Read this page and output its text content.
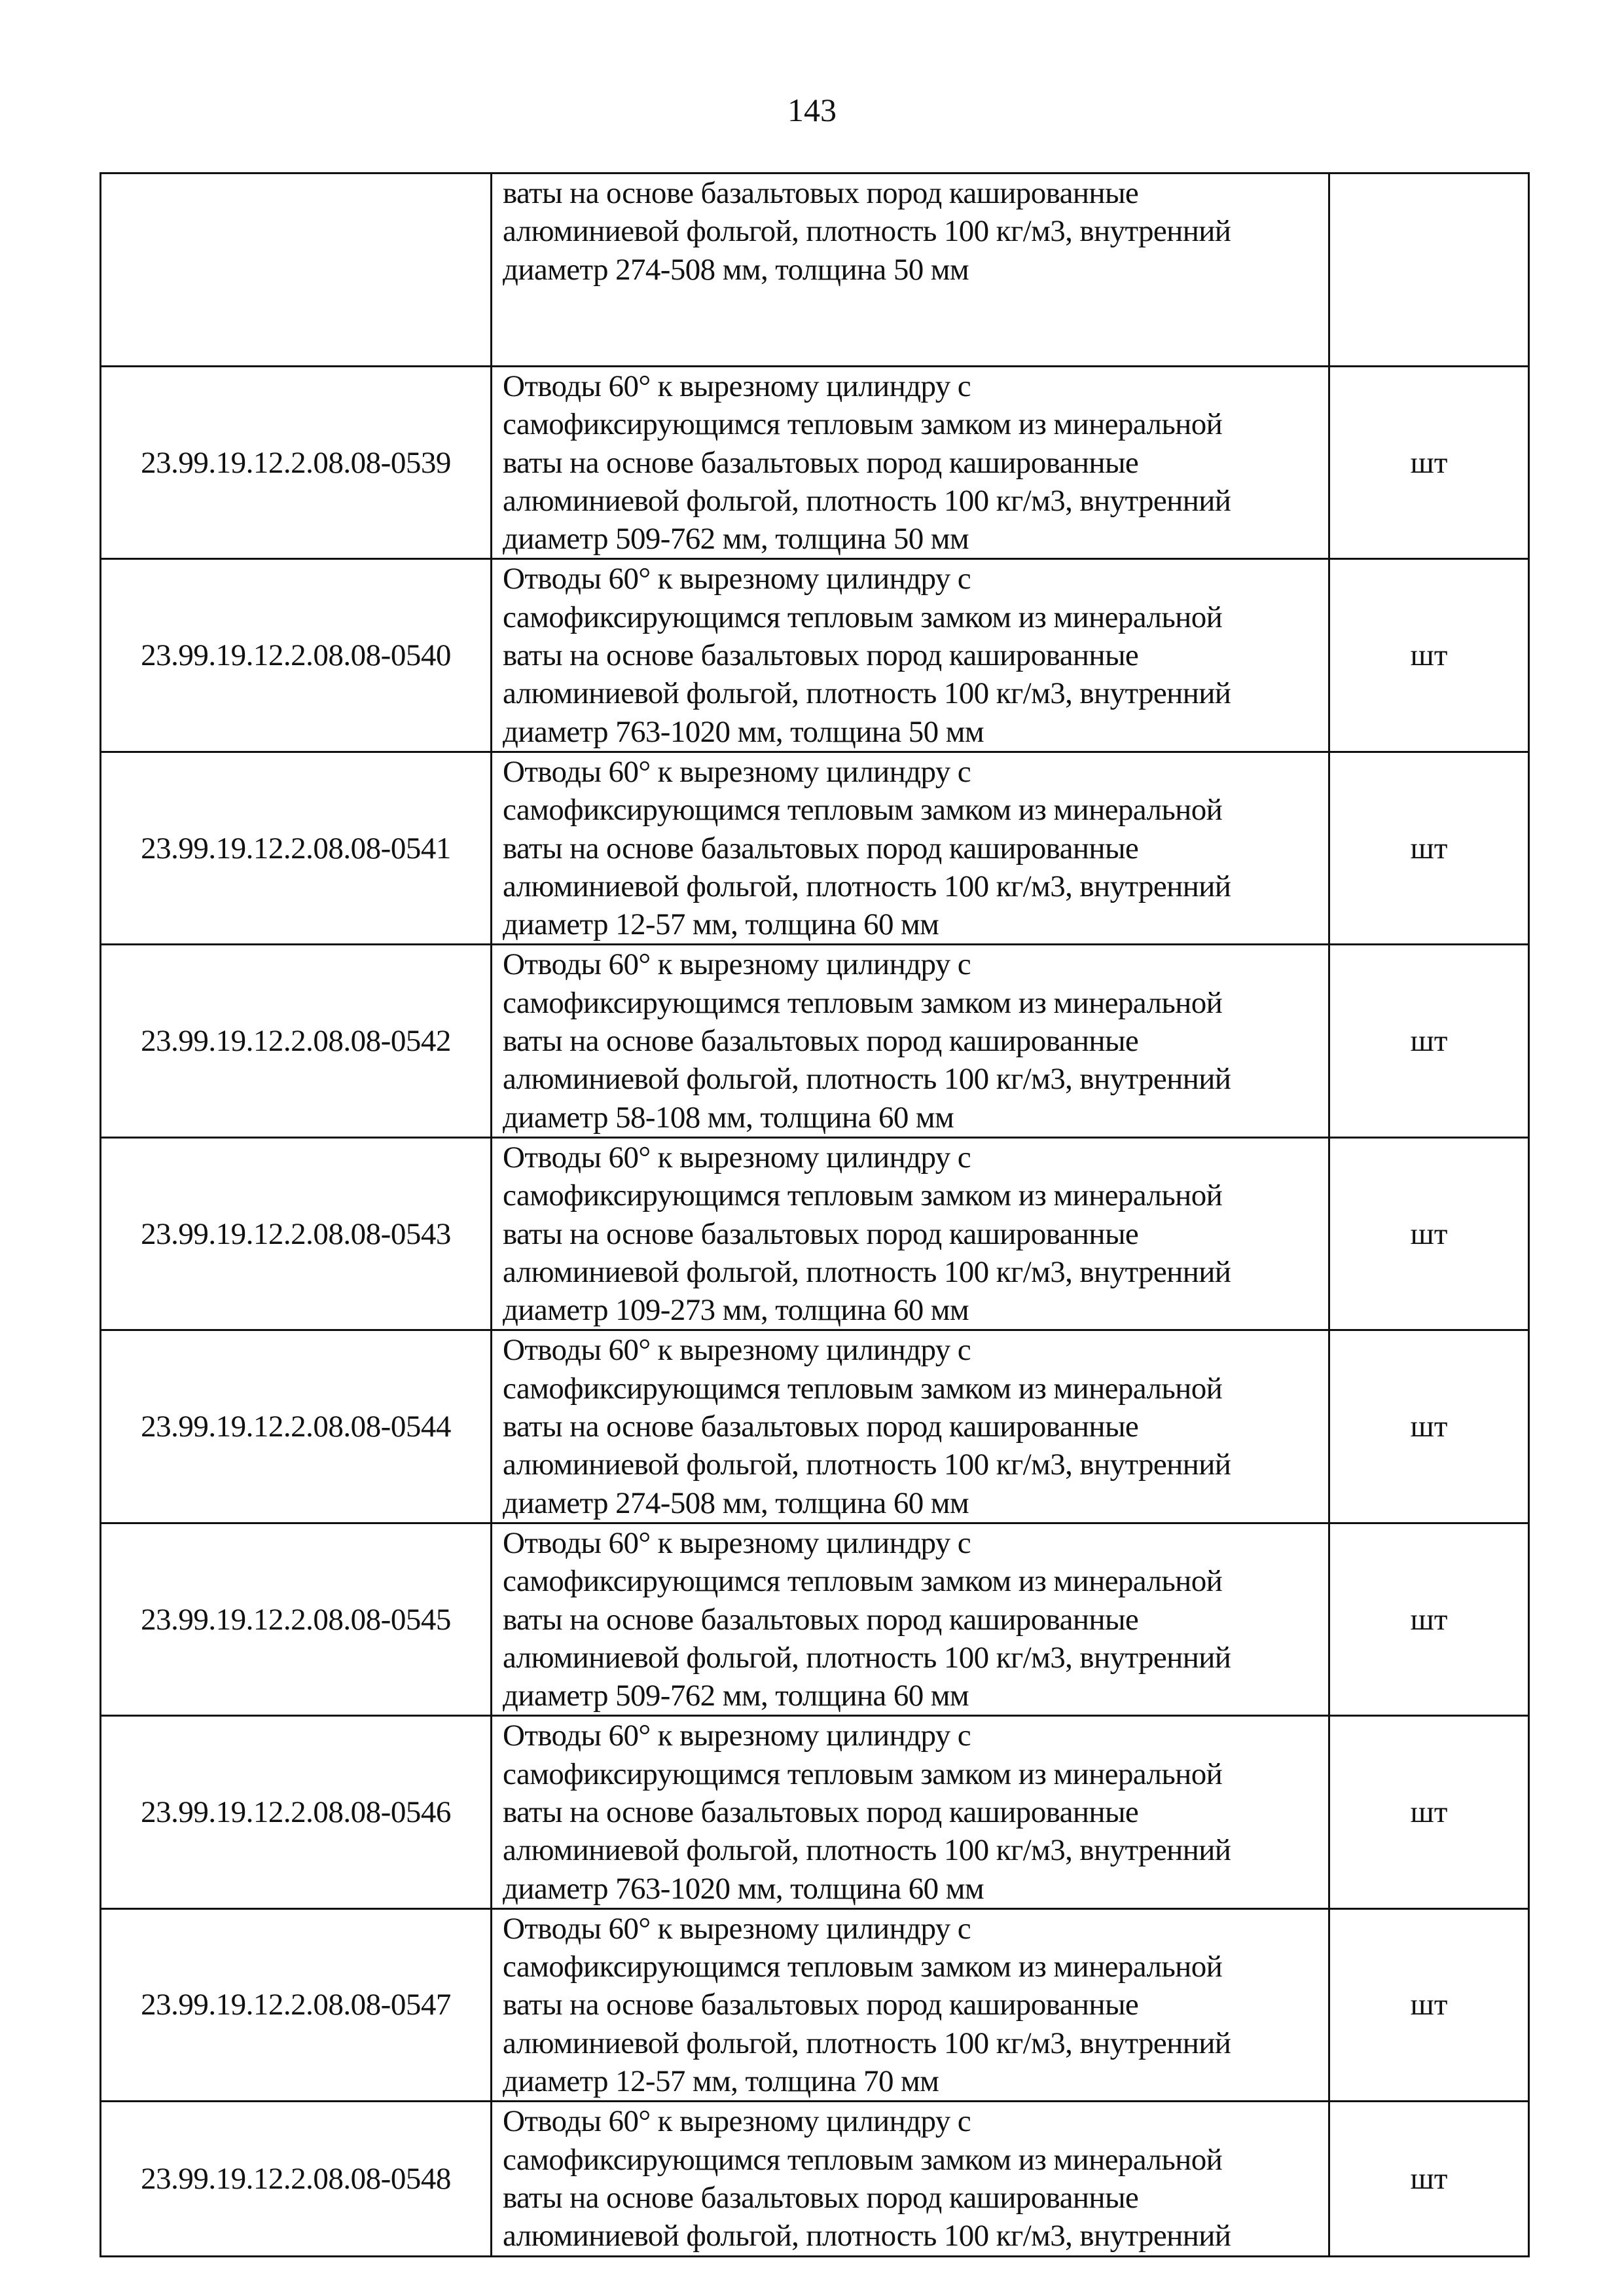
143

	ваты на основе базальтовых пород кашированные
алюминиевой фольгой, плотность 100 кг/м3, внутренний
диаметр 274-508 мм, толщина 50 мм	

23.99.19.12.2.08.08-0539	Отводы 60° к вырезному цилиндру с
самофиксирующимся тепловым замком из минеральной
ваты на основе базальтовых пород кашированные
алюминиевой фольгой, плотность 100 кг/м3, внутренний
диаметр 509-762 мм, толщина 50 мм	шт
23.99.19.12.2.08.08-0540	Отводы 60° к вырезному цилиндру с
самофиксирующимся тепловым замком из минеральной
ваты на основе базальтовых пород кашированные
алюминиевой фольгой, плотность 100 кг/м3, внутренний
диаметр 763-1020 мм, толщина 50 мм	шт
23.99.19.12.2.08.08-0541	Отводы 60° к вырезному цилиндру с
самофиксирующимся тепловым замком из минеральной
ваты на основе базальтовых пород кашированные
алюминиевой фольгой, плотность 100 кг/м3, внутренний
диаметр 12-57 мм, толщина 60 мм	шт
23.99.19.12.2.08.08-0542	Отводы 60° к вырезному цилиндру с
самофиксирующимся тепловым замком из минеральной
ваты на основе базальтовых пород кашированные
алюминиевой фольгой, плотность 100 кг/м3, внутренний
диаметр 58-108 мм, толщина 60 мм	шт
23.99.19.12.2.08.08-0543	Отводы 60° к вырезному цилиндру с
самофиксирующимся тепловым замком из минеральной
ваты на основе базальтовых пород кашированные
алюминиевой фольгой, плотность 100 кг/м3, внутренний
диаметр 109-273 мм, толщина 60 мм	шт
23.99.19.12.2.08.08-0544	Отводы 60° к вырезному цилиндру с
самофиксирующимся тепловым замком из минеральной
ваты на основе базальтовых пород кашированные
алюминиевой фольгой, плотность 100 кг/м3, внутренний
диаметр 274-508 мм, толщина 60 мм	шт
23.99.19.12.2.08.08-0545	Отводы 60° к вырезному цилиндру с
самофиксирующимся тепловым замком из минеральной
ваты на основе базальтовых пород кашированные
алюминиевой фольгой, плотность 100 кг/м3, внутренний
диаметр 509-762 мм, толщина 60 мм	шт
23.99.19.12.2.08.08-0546	Отводы 60° к вырезному цилиндру с
самофиксирующимся тепловым замком из минеральной
ваты на основе базальтовых пород кашированные
алюминиевой фольгой, плотность 100 кг/м3, внутренний
диаметр 763-1020 мм, толщина 60 мм	шт
23.99.19.12.2.08.08-0547	Отводы 60° к вырезному цилиндру с
самофиксирующимся тепловым замком из минеральной
ваты на основе базальтовых пород кашированные
алюминиевой фольгой, плотность 100 кг/м3, внутренний
диаметр 12-57 мм, толщина 70 мм	шт
23.99.19.12.2.08.08-0548	Отводы 60° к вырезному цилиндру с
самофиксирующимся тепловым замком из минеральной
ваты на основе базальтовых пород кашированные
алюминиевой фольгой, плотность 100 кг/м3, внутренний	шт
